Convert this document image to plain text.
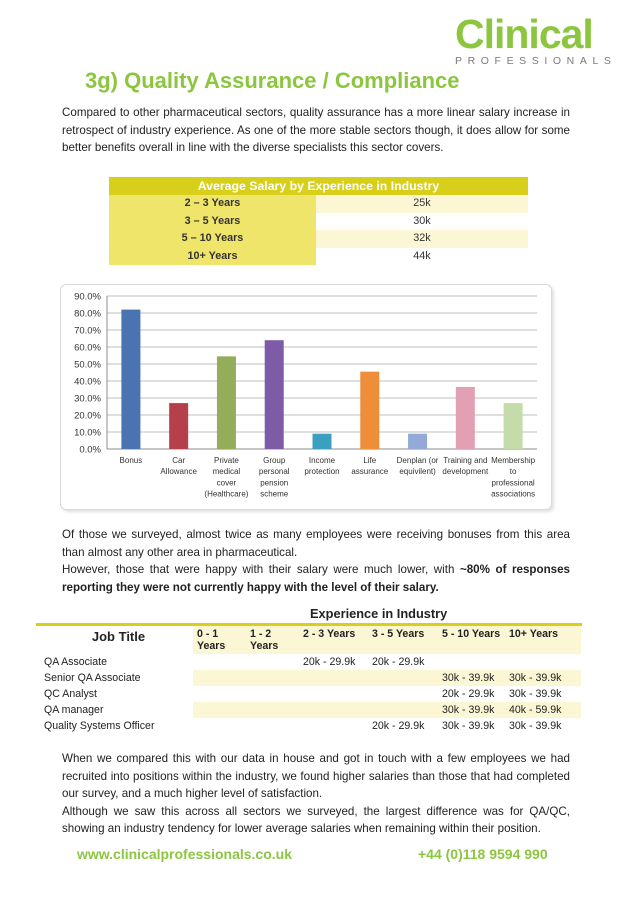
Clinical
PROFESSIONALS
3g) Quality Assurance / Compliance

Compared to other pharmaceutical sectors, quality assurance has a more linear salary increase in retrospect of industry experience. As one of the more stable sectors though, it does allow for some better benefits overall in line with the diverse specialists this sector covers.

Average Salary by Experience in Industry
2 – 3 Years	25k
3 – 5 Years	30k
5 – 10 Years	32k
10+ Years	44k
0.0%
10.0%
20.0%
30.0%
40.0%
50.0%
60.0%
70.0%
80.0%
90.0%
Bonus	Car Allowance
Private medical cover (Healthcare)
Group personal pension scheme
Income protection
Life assurance
Denplan (or equivilent)
Training and development
Membership to professional associations

Of those we surveyed, almost twice as many employees were receiving bonuses from this area than almost any other area in pharmaceutical.
However, those that were happy with their salary were much lower, with ~80% of responses reporting they were not currently happy with the level of their salary.

Experience in Industry
Job Title	0 - 1 Years	1 - 2 Years	2 - 3 Years	3 - 5 Years	5 - 10 Years	10+ Years
QA Associate			20k - 29.9k	20k - 29.9k		
Senior QA Associate					30k - 39.9k	30k - 39.9k
QC Analyst					20k - 29.9k	30k - 39.9k
QA manager					30k - 39.9k	40k - 59.9k
Quality Systems Officer				20k - 29.9k	30k - 39.9k	30k - 39.9k

When we compared this with our data in house and got in touch with a few employees we had recruited into positions within the industry, we found higher salaries than those that had completed our survey, and a much higher level of satisfaction.
Although we saw this across all sectors we surveyed, the largest difference was for QA/QC, showing an industry tendency for lower average salaries when remaining within their position.

www.clinicalprofessionals.co.uk	+44 (0)118 9594 990
